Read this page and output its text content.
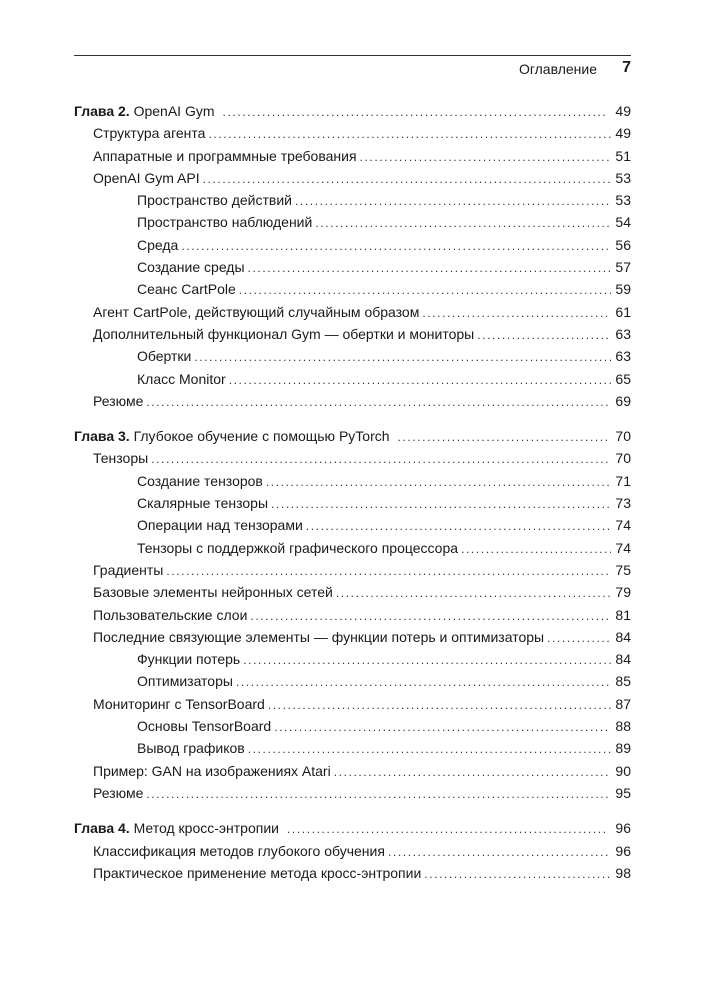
Оглавление 7
Глава 2. OpenAI Gym .....	49
Структура агента .....	49
Аппаратные и программные требования .....	51
OpenAI Gym API .....	53
Пространство действий .....	53
Пространство наблюдений .....	54
Среда .....	56
Создание среды .....	57
Сеанс CartPole .....	59
Агент CartPole, действующий случайным образом .....	61
Дополнительный функционал Gym — обертки и мониторы .....	63
Обертки .....	63
Класс Monitor .....	65
Резюме .....	69
Глава 3. Глубокое обучение с помощью PyTorch .....	70
Тензоры .....	70
Создание тензоров .....	71
Скалярные тензоры .....	73
Операции над тензорами .....	74
Тензоры с поддержкой графического процессора .....	74
Градиенты .....	75
Базовые элементы нейронных сетей .....	79
Пользовательские слои .....	81
Последние связующие элементы — функции потерь и оптимизаторы .....	84
Функции потерь .....	84
Оптимизаторы .....	85
Мониторинг с TensorBoard .....	87
Основы TensorBoard .....	88
Вывод графиков .....	89
Пример: GAN на изображениях Atari .....	90
Резюме .....	95
Глава 4. Метод кросс-энтропии .....	96
Классификация методов глубокого обучения .....	96
Практическое применение метода кросс-энтропии .....	98
